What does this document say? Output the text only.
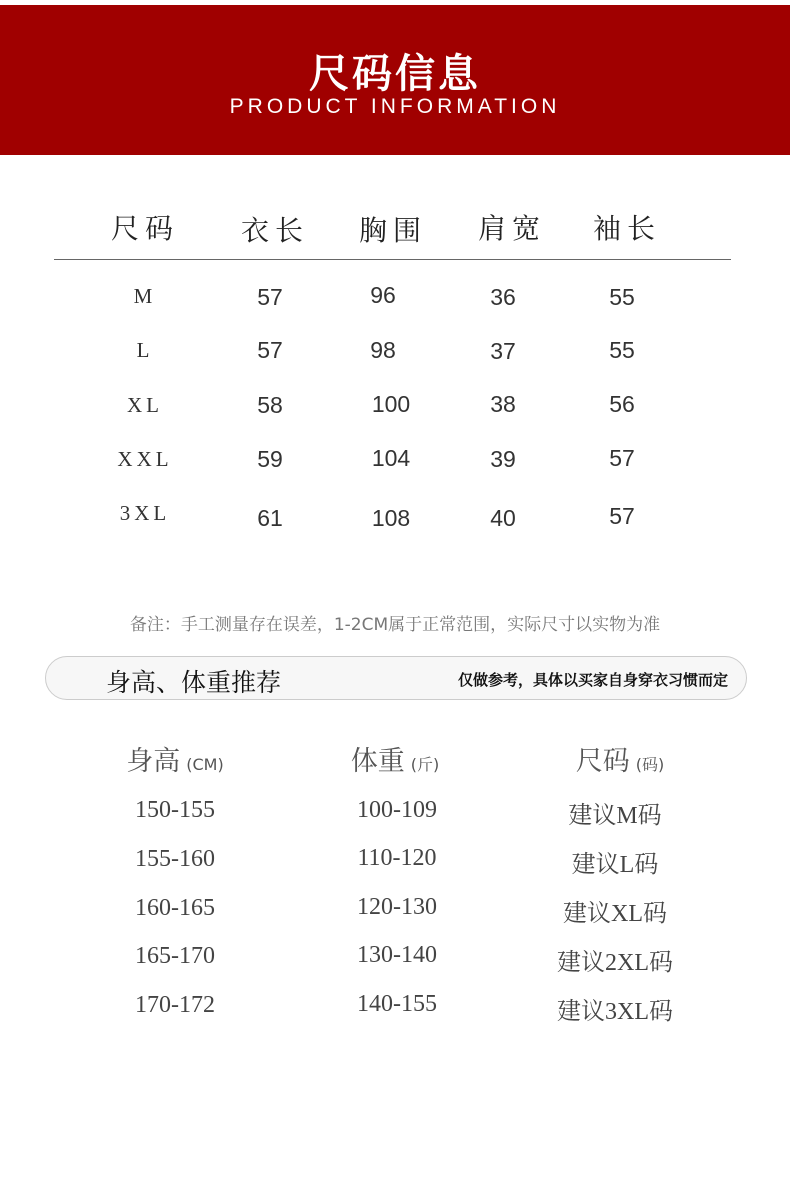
尺码信息
PRODUCT INFORMATION
尺码	衣长	胸围	肩宽	袖长
M	57	96	36	55
L	57	98	37	55
XL	58	100	38	56
XXL	59	104	39	57
3XL	61	108	40	57
备注：手工测量存在误差，1-2CM属于正常范围，实际尺寸以实物为准
身高、体重推荐	仅做参考，具体以买家自身穿衣习惯而定
身高 (CM)	体重 (斤)	尺码 (码)
150-155	100-109	建议M码
155-160	110-120	建议L码
160-165	120-130	建议XL码
165-170	130-140	建议2XL码
170-172	140-155	建议3XL码
